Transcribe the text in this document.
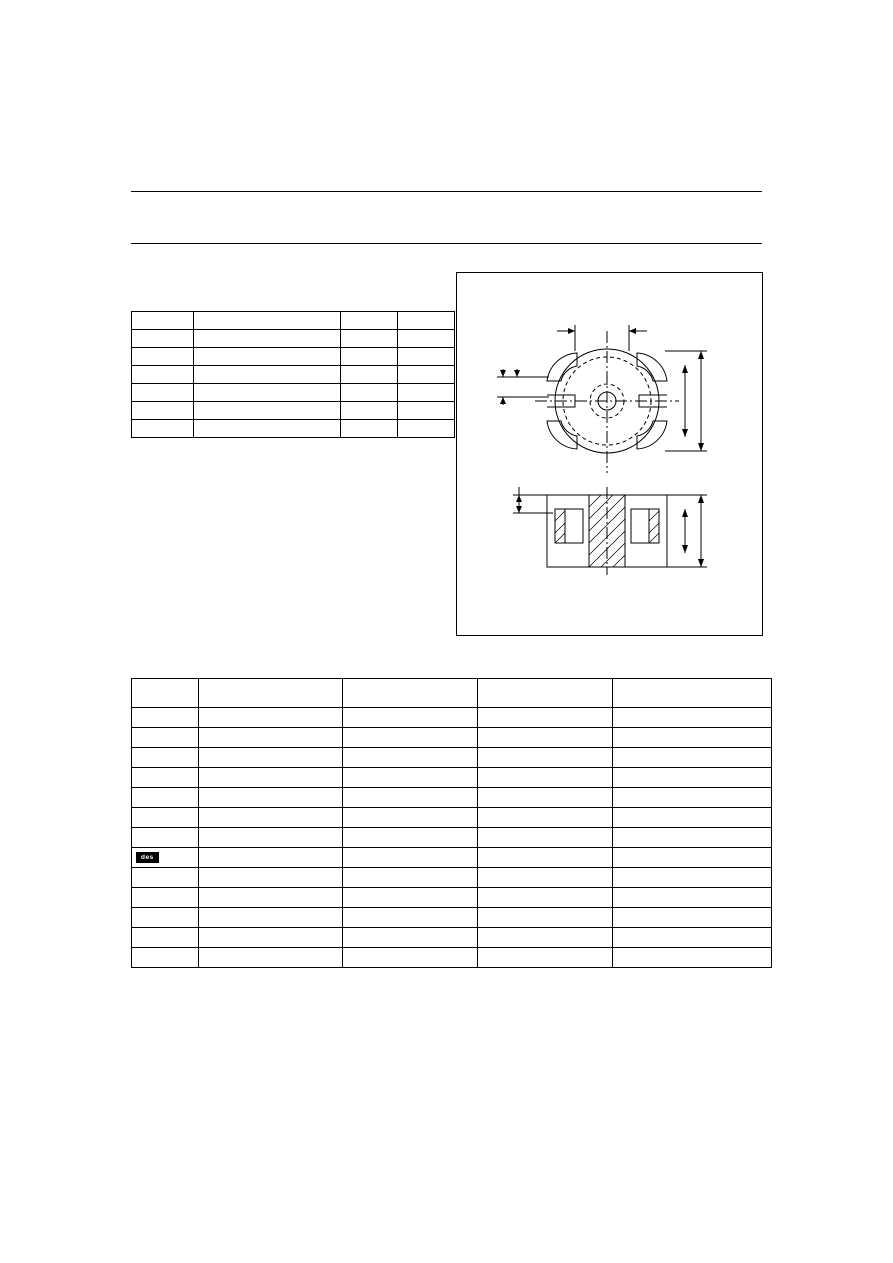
des				
